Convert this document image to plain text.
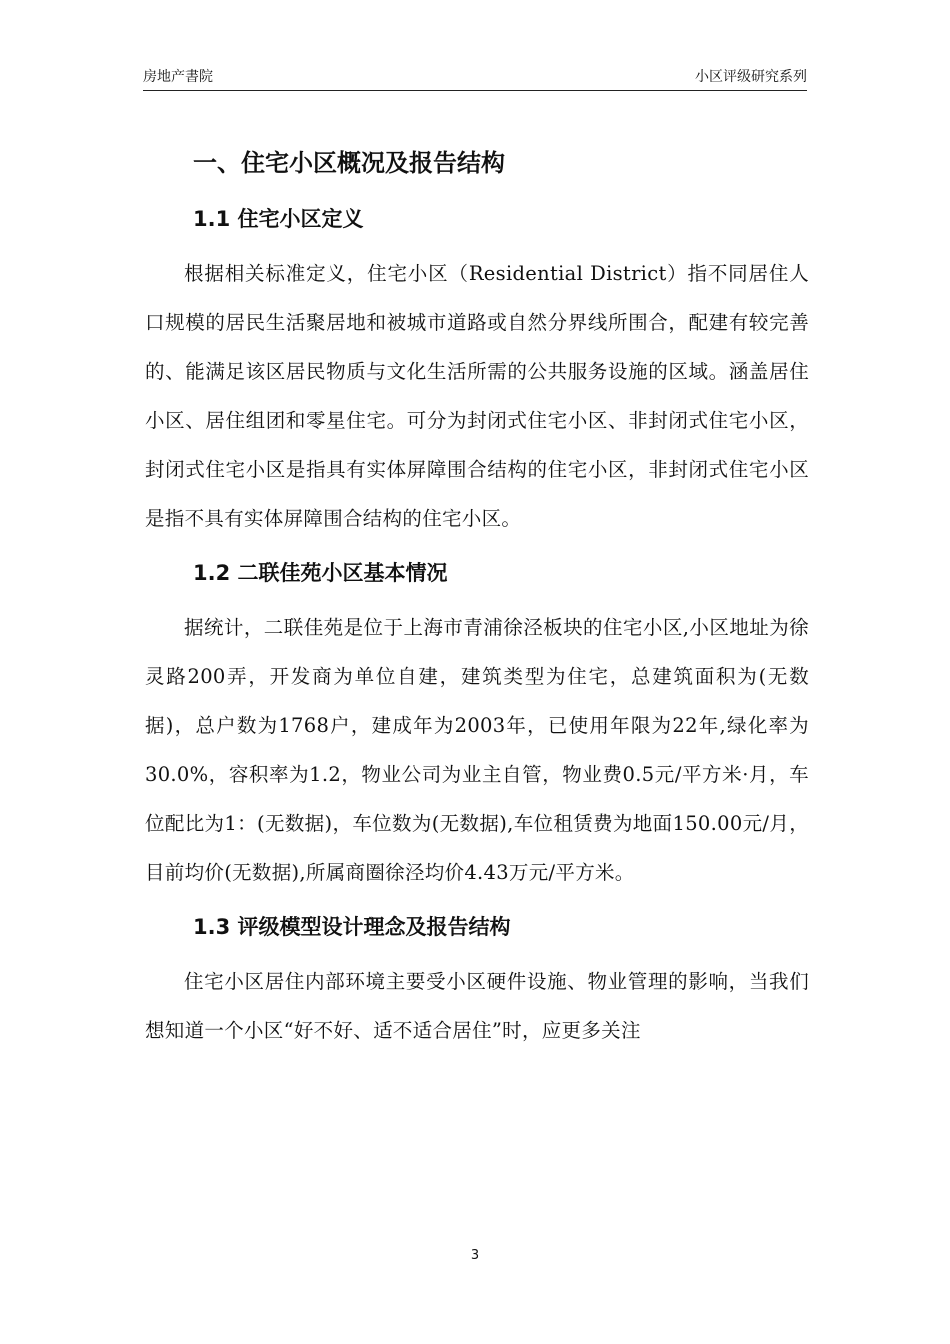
房地产書院	小区评级研究系列
一、住宅小区概况及报告结构
1.1 住宅小区定义

根据相关标准定义，住宅小区（Residential District）指不同居住人口规模的居民生活聚居地和被城市道路或自然分界线所围合，配建有较完善的、能满足该区居民物质与文化生活所需的公共服务设施的区域。涵盖居住小区、居住组团和零星住宅。可分为封闭式住宅小区、非封闭式住宅小区，封闭式住宅小区是指具有实体屏障围合结构的住宅小区，非封闭式住宅小区是指不具有实体屏障围合结构的住宅小区。

1.2 二联佳苑小区基本情况

据统计，二联佳苑是位于上海市青浦徐泾板块的住宅小区,小区地址为徐灵路200弄，开发商为单位自建，建筑类型为住宅，总建筑面积为(无数据)，总户数为1768户，建成年为2003年，已使用年限为22年,绿化率为30.0%，容积率为1.2，物业公司为业主自管，物业费0.5元/平方米·月，车位配比为1：(无数据)，车位数为(无数据),车位租赁费为地面150.00元/月，目前均价(无数据),所属商圈徐泾均价4.43万元/平方米。

1.3 评级模型设计理念及报告结构

住宅小区居住内部环境主要受小区硬件设施、物业管理的影响，当我们想知道一个小区“好不好、适不适合居住”时，应更多关注

3
